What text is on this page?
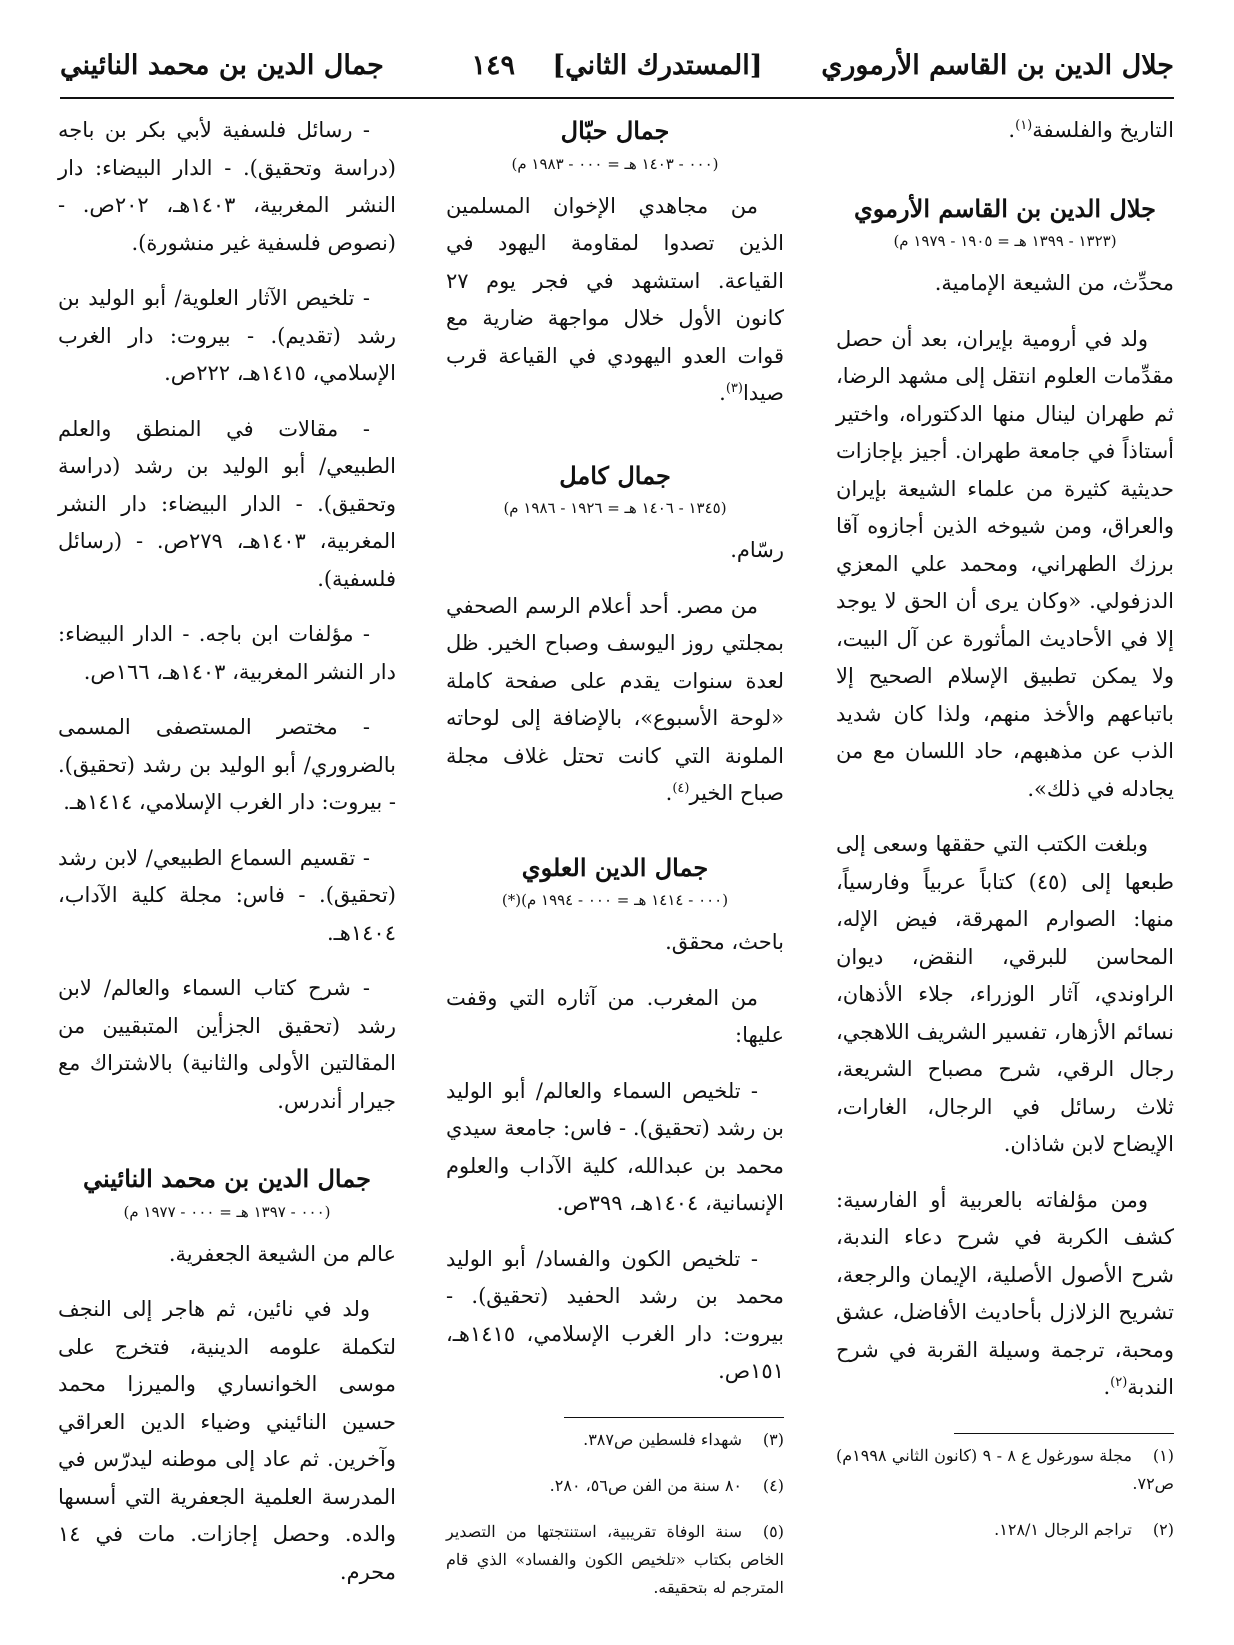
جلال الدين بن القاسم الأرموري
[المستدرك الثاني] ١٤٩
جمال الدين بن محمد النائيني

التاريخ والفلسفة$^{(١)}$.

جلال الدين بن القاسم الأرموي
(١٣٢٣ - ١٣٩٩ هـ = ١٩٠٥ - ١٩٧٩ م)

محدِّث، من الشيعة الإمامية.

ولد في أرومية بإيران، بعد أن حصل مقدِّمات العلوم انتقل إلى مشهد الرضا، ثم طهران لينال منها الدكتوراه، واختير أستاذاً في جامعة طهران. أجيز بإجازات حديثية كثيرة من علماء الشيعة بإيران والعراق، ومن شيوخه الذين أجازوه آقا برزك الطهراني، ومحمد علي المعزي الدزفولي. «وكان يرى أن الحق لا يوجد إلا في الأحاديث المأثورة عن آل البيت، ولا يمكن تطبيق الإسلام الصحيح إلا باتباعهم والأخذ منهم، ولذا كان شديد الذب عن مذهبهم، حاد اللسان مع من يجادله في ذلك».

وبلغت الكتب التي حققها وسعى إلى طبعها إلى (٤٥) كتاباً عربياً وفارسياً، منها: الصوارم المهرقة، فيض الإله، المحاسن للبرقي، النقض، ديوان الراوندي، آثار الوزراء، جلاء الأذهان، نسائم الأزهار، تفسير الشريف اللاهجي، رجال الرقي، شرح مصباح الشريعة، ثلاث رسائل في الرجال، الغارات، الإيضاح لابن شاذان.

ومن مؤلفاته بالعربية أو الفارسية: كشف الكربة في شرح دعاء الندبة، شرح الأصول الأصلية، الإيمان والرجعة، تشريح الزلازل بأحاديث الأفاضل، عشق ومحبة، ترجمة وسيلة القربة في شرح الندبة$^{(٢)}$.

(١)مجلة سورغول ع ٨ - ٩ (كانون الثاني ١٩٩٨م) ص٧٢.

(٢)تراجم الرجال ١٢٨/١.

جمال حبّال
(٠٠٠ - ١٤٠٣ هـ = ٠٠٠ - ١٩٨٣ م)

من مجاهدي الإخوان المسلمين الذين تصدوا لمقاومة اليهود في القياعة. استشهد في فجر يوم ٢٧ كانون الأول خلال مواجهة ضارية مع قوات العدو اليهودي في القياعة قرب صيدا$^{(٣)}$.

جمال كامل
(١٣٤٥ - ١٤٠٦ هـ = ١٩٢٦ - ١٩٨٦ م)

رسّام.

من مصر. أحد أعلام الرسم الصحفي بمجلتي روز اليوسف وصباح الخير. ظل لعدة سنوات يقدم على صفحة كاملة «لوحة الأسبوع»، بالإضافة إلى لوحاته الملونة التي كانت تحتل غلاف مجلة صباح الخير$^{(٤)}$.

جمال الدين العلوي
(٠٠٠ - ١٤١٤ هـ = ٠٠٠ - ١٩٩٤ م)(*)

باحث، محقق.

من المغرب. من آثاره التي وقفت عليها:

- تلخيص السماء والعالم/ أبو الوليد بن رشد (تحقيق). - فاس: جامعة سيدي محمد بن عبدالله، كلية الآداب والعلوم الإنسانية، ١٤٠٤هـ، ٣٩٩ص.

- تلخيص الكون والفساد/ أبو الوليد محمد بن رشد الحفيد (تحقيق). - بيروت: دار الغرب الإسلامي، ١٤١٥هـ، ١٥١ص.

(٣)شهداء فلسطين ص٣٨٧.

(٤)٨٠ سنة من الفن ص٥٦، ٢٨٠.

(٥)سنة الوفاة تقريبية، استنتجتها من التصدير الخاص بكتاب «تلخيص الكون والفساد» الذي قام المترجم له بتحقيقه.

- رسائل فلسفية لأبي بكر بن باجه (دراسة وتحقيق). - الدار البيضاء: دار النشر المغربية، ١٤٠٣هـ، ٢٠٢ص. - (نصوص فلسفية غير منشورة).

- تلخيص الآثار العلوية/ أبو الوليد بن رشد (تقديم). - بيروت: دار الغرب الإسلامي، ١٤١٥هـ، ٢٢٢ص.

- مقالات في المنطق والعلم الطبيعي/ أبو الوليد بن رشد (دراسة وتحقيق). - الدار البيضاء: دار النشر المغربية، ١٤٠٣هـ، ٢٧٩ص. - (رسائل فلسفية).

- مؤلفات ابن باجه. - الدار البيضاء: دار النشر المغربية، ١٤٠٣هـ، ١٦٦ص.

- مختصر المستصفى المسمى بالضروري/ أبو الوليد بن رشد (تحقيق). - بيروت: دار الغرب الإسلامي، ١٤١٤هـ.

- تقسيم السماع الطبيعي/ لابن رشد (تحقيق). - فاس: مجلة كلية الآداب، ١٤٠٤هـ.

- شرح كتاب السماء والعالم/ لابن رشد (تحقيق الجزأين المتبقيين من المقالتين الأولى والثانية) بالاشتراك مع جيرار أندرس.

جمال الدين بن محمد النائيني
(٠٠٠ - ١٣٩٧ هـ = ٠٠٠ - ١٩٧٧ م)

عالم من الشيعة الجعفرية.

ولد في نائين، ثم هاجر إلى النجف لتكملة علومه الدينية، فتخرج على موسى الخوانساري والميرزا محمد حسين النائيني وضياء الدين العراقي وآخرين. ثم عاد إلى موطنه ليدرّس في المدرسة العلمية الجعفرية التي أسسها والده. وحصل إجازات. مات في ١٤ محرم.
